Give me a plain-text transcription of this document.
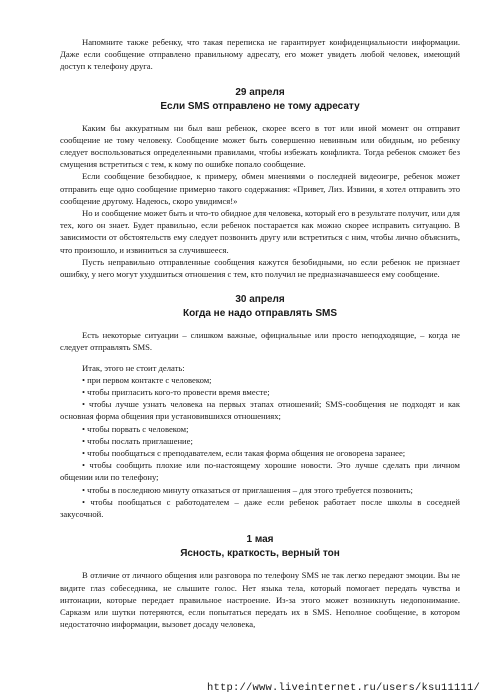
Напомните также ребенку, что такая переписка не гарантирует конфиденциальности информации. Даже если сообщение отправлено правильному адресату, его может увидеть любой человек, имеющий доступ к телефону друга.

29 апреля
Если SMS отправлено не тому адресату

Каким бы аккуратным ни был ваш ребенок, скорее всего в тот или иной момент он отправит сообщение не тому человеку. Сообщение может быть совершенно невинным или обидным, но ребенку следует воспользоваться определенными правилами, чтобы избежать конфликта. Тогда ребенок сможет без смущения встретиться с тем, к кому по ошибке попало сообщение.

Если сообщение безобидное, к примеру, обмен мнениями о последней видеоигре, ребенок может отправить еще одно сообщение примерно такого содержания: «Привет, Лиз. Извини, я хотел отправить это сообщение другому. Надеюсь, скоро увидимся!»

Но и сообщение может быть и что-то обидное для человека, который его в результате получит, или для тех, кого он знает. Будет правильно, если ребенок постарается как можно скорее исправить ситуацию. В зависимости от обстоятельств ему следует позвонить другу или встретиться с ним, чтобы лично объяснить, что произошло, и извиниться за случившееся.

Пусть неправильно отправленные сообщения кажутся безобидными, но если ребенок не признает ошибку, у него могут ухудшиться отношения с тем, кто получил не предназначавшееся ему сообщение.

30 апреля
Когда не надо отправлять SMS

Есть некоторые ситуации – слишком важные, официальные или просто неподходящие, – когда не следует отправлять SMS.

Итак, этого не стоит делать:

• при первом контакте с человеком;

• чтобы пригласить кого-то провести время вместе;

• чтобы лучше узнать человека на первых этапах отношений; SMS-сообщения не подходят и как основная форма общения при установившихся отношениях;

• чтобы порвать с человеком;

• чтобы послать приглашение;

• чтобы пообщаться с преподавателем, если такая форма общения не оговорена заранее;

• чтобы сообщить плохие или по-настоящему хорошие новости. Это лучше сделать при личном общении или по телефону;

• чтобы в последнюю минуту отказаться от приглашения – для этого требуется позвонить;

• чтобы пообщаться с работодателем – даже если ребенок работает после школы в соседней закусочной.

1 мая
Ясность, краткость, верный тон

В отличие от личного общения или разговора по телефону SMS не так легко передают эмоции. Вы не видите глаз собеседника, не слышите голос. Нет языка тела, который помогает передать чувства и интонации, которые передает правильное настроение. Из-за этого может возникнуть недопонимание. Сарказм или шутки потеряются, если попытаться передать их в SMS. Неполное сообщение, в котором недостаточно информации, вызовет досаду человека,

http://www.liveinternet.ru/users/ksu11111/
